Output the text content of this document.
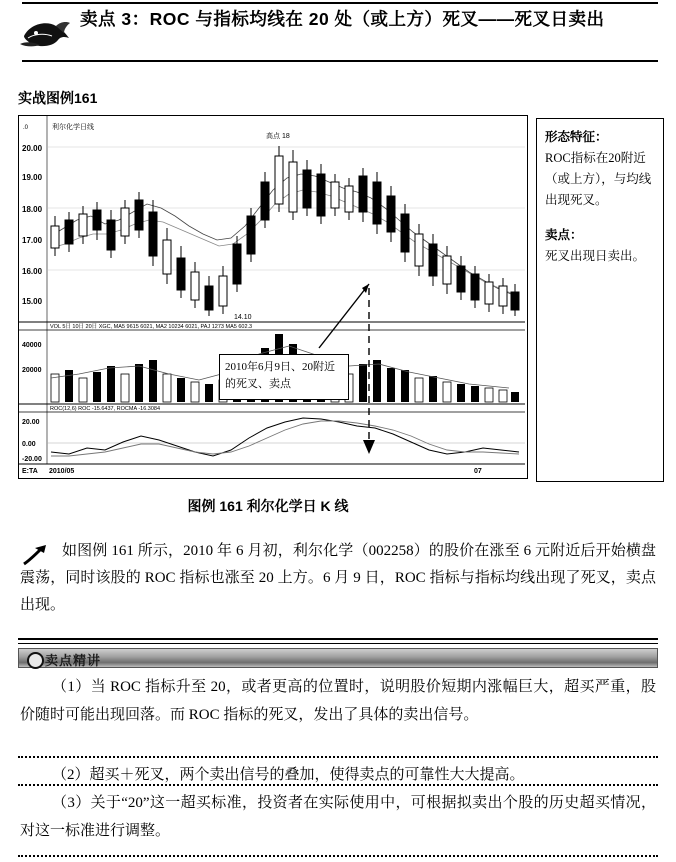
卖点 3：ROC 与指标均线在 20 处（或上方）死叉——死叉日卖出
实战图例161
利尔化学日线
.0
20.00
19.00
18.00
17.00
16.00
15.00
14.10
高点 18
VOL 5日 10日 20日 XGC, MA5 9615 6021, MA2 10234 6021, PAJ 1273 MA5 602.3
40000
20000
ROC(12,6) ROC -15.6437, ROCMA -16.3084
20.00
0.00
-20.00
2010/05
E:TA	07
2010年6月9日、20附近的死叉、卖点
形态特征：
ROC指标在20附近（或上方），与均线出现死叉。
卖点：
死叉出现日卖出。
图例 161 利尔化学日 K 线
如图例 161 所示，2010 年 6 月初，利尔化学（002258）的股价在涨至 6 元附近后开始横盘震荡，同时该股的 ROC 指标也涨至 20 上方。6 月 9 日，ROC 指标与指标均线出现了死叉，卖点出现。
卖点精讲
（1）当 ROC 指标升至 20，或者更高的位置时，说明股价短期内涨幅巨大，超买严重，股价随时可能出现回落。而 ROC 指标的死叉，发出了具体的卖出信号。
（2）超买＋死叉，两个卖出信号的叠加，使得卖点的可靠性大大提高。
（3）关于“20”这一超买标准，投资者在实际使用中，可根据拟卖出个股的历史超买情况，对这一标准进行调整。
